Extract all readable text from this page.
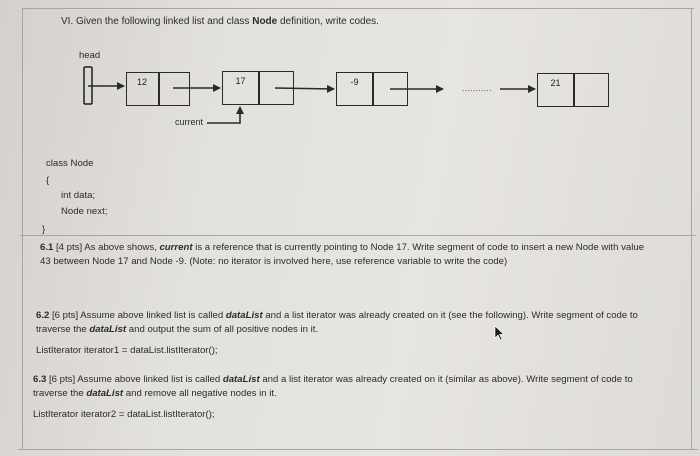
VI. Given the following linked list and class Node definition, write codes.
head
12	17	-9	21
...........
current
class Node
{
int data;
Node next;
}
6.1 [4 pts] As above shows, current is a reference that is currently pointing to Node 17. Write segment of code to insert a new Node with value 43 between Node 17 and Node -9. (Note: no iterator is involved here, use reference variable to write the code)
6.2 [6 pts] Assume above linked list is called dataList and a list iterator was already created on it (see the following). Write segment of code to traverse the dataList and output the sum of all positive nodes in it.
ListIterator iterator1 = dataList.listIterator();
6.3 [6 pts] Assume above linked list is called dataList and a list iterator was already created on it (similar as above). Write segment of code to traverse the dataList and remove all negative nodes in it.
ListIterator iterator2 = dataList.listIterator();
